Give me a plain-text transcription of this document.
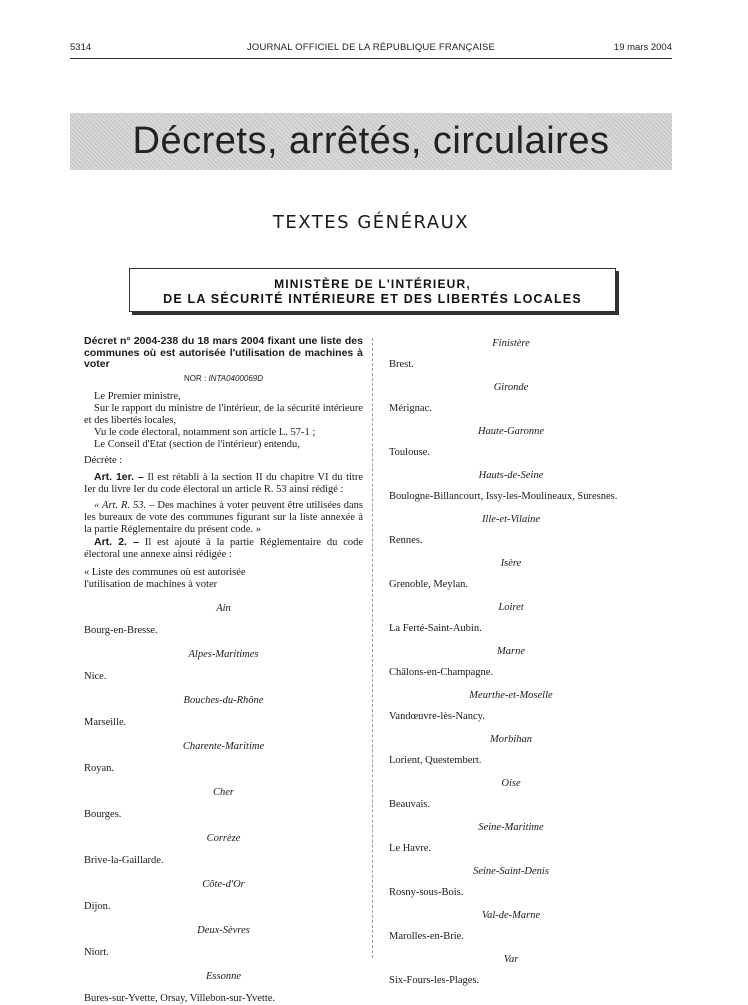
5314	JOURNAL OFFICIEL DE LA RÉPUBLIQUE FRANÇAISE	19 mars 2004
Décrets, arrêtés, circulaires
TEXTES GÉNÉRAUX
MINISTÈRE DE L'INTÉRIEUR,
DE LA SÉCURITÉ INTÉRIEURE ET DES LIBERTÉS LOCALES

Décret n° 2004-238 du 18 mars 2004 fixant une liste des communes où est autorisée l'utilisation de machines à voter

NOR : INTA0400069D

Le Premier ministre,

Sur le rapport du ministre de l'intérieur, de la sécurité intérieure et des libertés locales,

Vu le code électoral, notamment son article L. 57-1 ;

Le Conseil d'Etat (section de l'intérieur) entendu,

Décrète :

Art. 1er. – Il est rétabli à la section II du chapitre VI du titre Ier du livre Ier du code électoral un article R. 53 ainsi rédigé :

« Art. R. 53. – Des machines à voter peuvent être utilisées dans les bureaux de vote des communes figurant sur la liste annexée à la partie Réglementaire du présent code. »

Art. 2. – Il est ajouté à la partie Réglementaire du code électoral une annexe ainsi rédigée :

« Liste des communes où est autorisée

l'utilisation de machines à voter

Ain

Bourg-en-Bresse.

Alpes-Maritimes

Nice.

Bouches-du-Rhône

Marseille.

Charente-Maritime

Royan.

Cher

Bourges.

Corrèze

Brive-la-Gaillarde.

Côte-d'Or

Dijon.

Deux-Sèvres

Niort.

Essonne

Bures-sur-Yvette, Orsay, Villebon-sur-Yvette.

Finistère

Brest.

Gironde

Mérignac.

Haute-Garonne

Toulouse.

Hauts-de-Seine

Boulogne-Billancourt, Issy-les-Moulineaux, Suresnes.

Ille-et-Vilaine

Rennes.

Isère

Grenoble, Meylan.

Loiret

La Ferté-Saint-Aubin.

Marne

Châlons-en-Champagne.

Meurthe-et-Moselle

Vandœuvre-lès-Nancy.

Morbihan

Lorient, Questembert.

Oise

Beauvais.

Seine-Maritime

Le Havre.

Seine-Saint-Denis

Rosny-sous-Bois.

Val-de-Marne

Marolles-en-Brie.

Var

Six-Fours-les-Plages.
